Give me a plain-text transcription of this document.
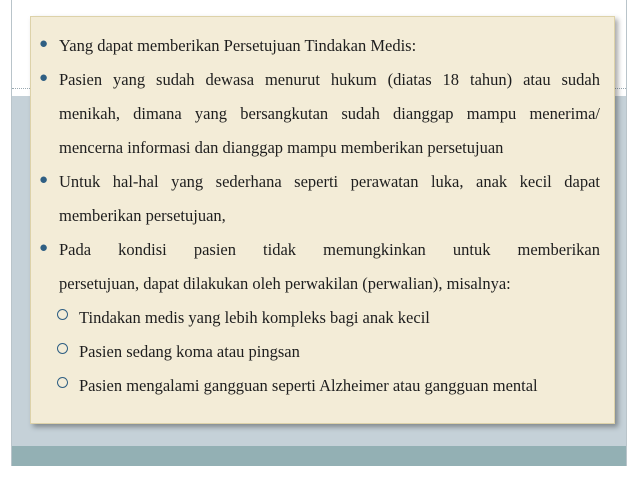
● Yang dapat memberikan Persetujuan Tindakan Medis:
● Pasien yang sudah dewasa menurut hukum (diatas 18 tahun) atau sudah
menikah, dimana yang bersangkutan sudah dianggap mampu menerima/
mencerna informasi dan dianggap mampu memberikan persetujuan
● Untuk hal-hal yang sederhana seperti perawatan luka, anak kecil dapat
memberikan persetujuan,
● Pada kondisi pasien tidak memungkinkan untuk memberikan
persetujuan, dapat dilakukan oleh perwakilan (perwalian), misalnya:
Tindakan medis yang lebih kompleks bagi anak kecil
Pasien sedang koma atau pingsan
Pasien mengalami gangguan seperti Alzheimer atau gangguan mental
